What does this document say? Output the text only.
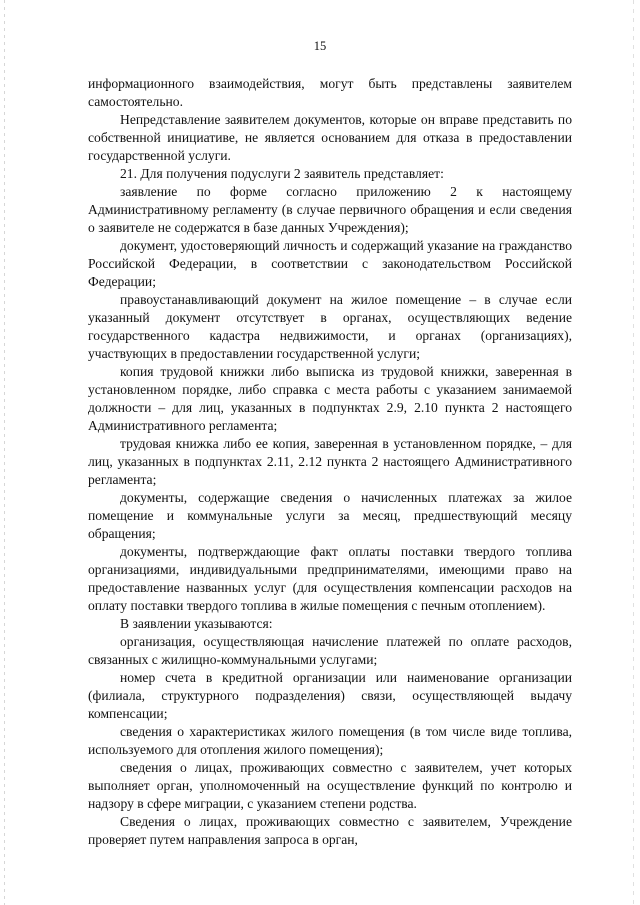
15

информационного взаимодействия, могут быть представлены заявителем самостоятельно.

Непредставление заявителем документов, которые он вправе представить по собственной инициативе, не является основанием для отказа в предоставлении государственной услуги.

21. Для получения подуслуги 2 заявитель представляет:

заявление по форме согласно приложению 2 к настоящему Административному регламенту (в случае первичного обращения и если сведения о заявителе не содержатся в базе данных Учреждения);

документ, удостоверяющий личность и содержащий указание на гражданство Российской Федерации, в соответствии с законодательством Российской Федерации;

правоустанавливающий документ на жилое помещение – в случае если указанный документ отсутствует в органах, осуществляющих ведение государственного кадастра недвижимости, и органах (организациях), участвующих в предоставлении государственной услуги;

копия трудовой книжки либо выписка из трудовой книжки, заверенная в установленном порядке, либо справка с места работы с указанием занимаемой должности – для лиц, указанных в подпунктах 2.9, 2.10 пункта 2 настоящего Административного регламента;

трудовая книжка либо ее копия, заверенная в установленном порядке, – для лиц, указанных в подпунктах 2.11, 2.12 пункта 2 настоящего Административного регламента;

документы, содержащие сведения о начисленных платежах за жилое помещение и коммунальные услуги за месяц, предшествующий месяцу обращения;

документы, подтверждающие факт оплаты поставки твердого топлива организациями, индивидуальными предпринимателями, имеющими право на предоставление названных услуг (для осуществления компенсации расходов на оплату поставки твердого топлива в жилые помещения с печным отоплением).

В заявлении указываются:

организация, осуществляющая начисление платежей по оплате расходов, связанных с жилищно-коммунальными услугами;

номер счета в кредитной организации или наименование организации (филиала, структурного подразделения) связи, осуществляющей выдачу компенсации;

сведения о характеристиках жилого помещения (в том числе виде топлива, используемого для отопления жилого помещения);

сведения о лицах, проживающих совместно с заявителем, учет которых выполняет орган, уполномоченный на осуществление функций по контролю и надзору в сфере миграции, с указанием степени родства.

Сведения о лицах, проживающих совместно с заявителем, Учреждение проверяет путем направления запроса в орган,
